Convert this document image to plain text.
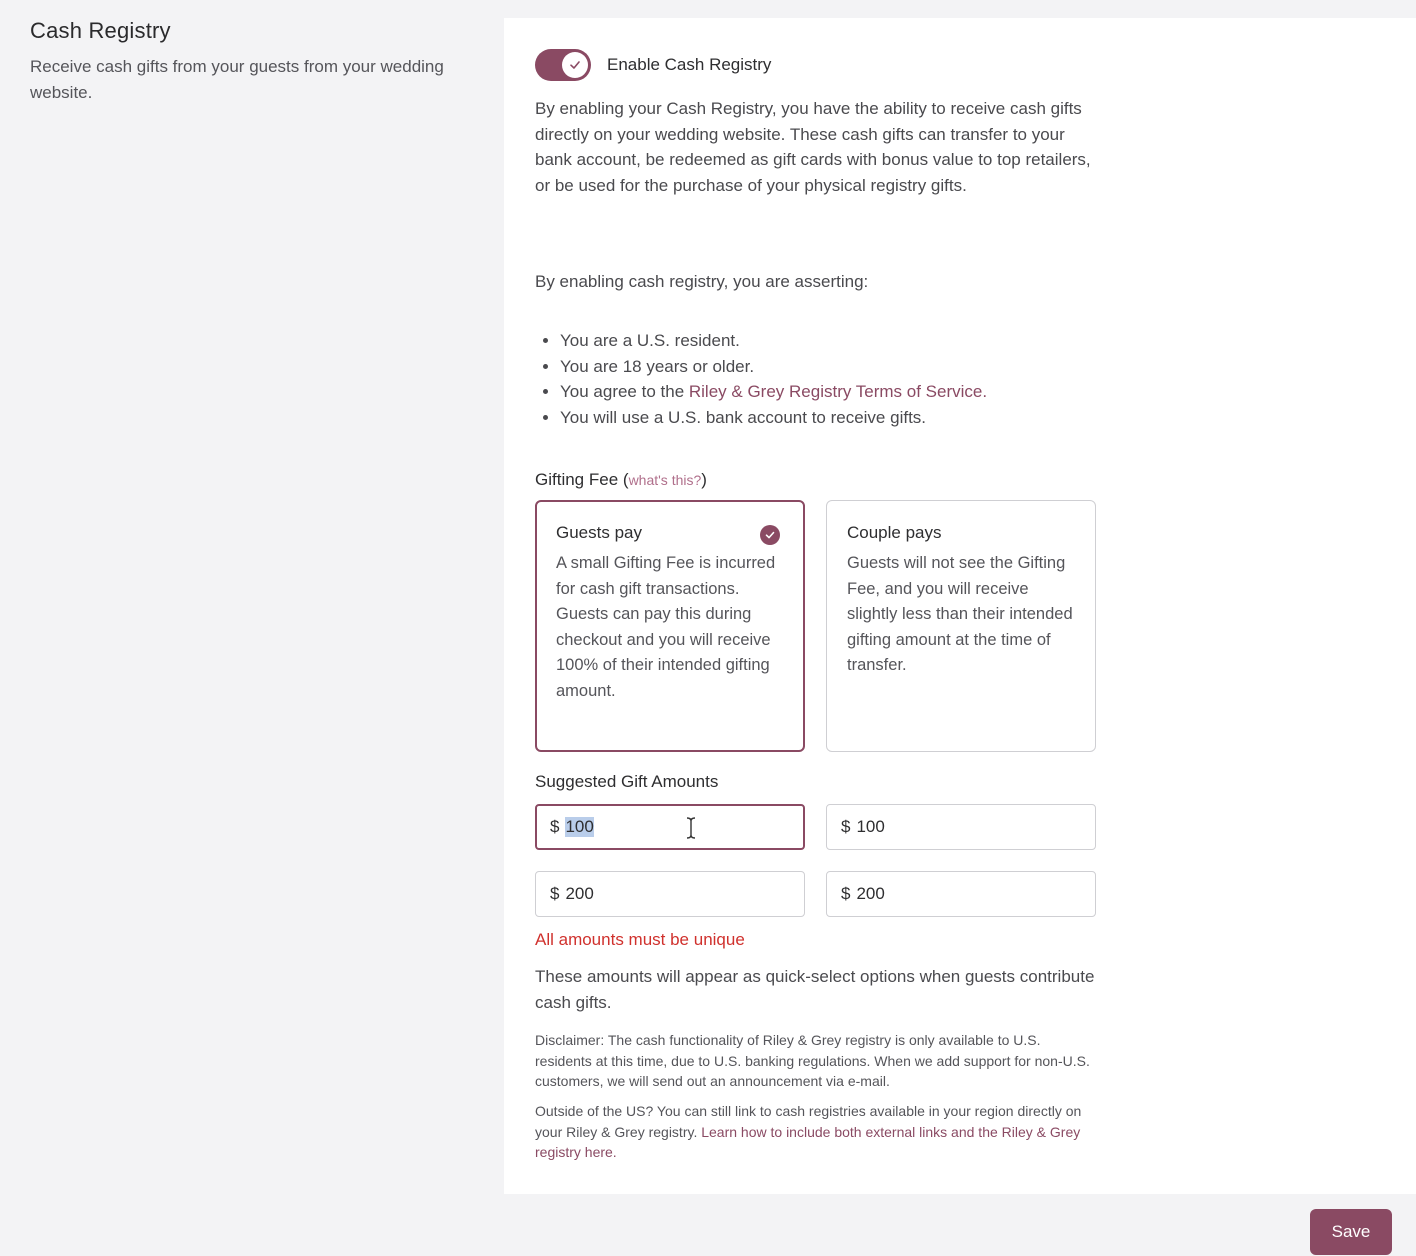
Cash Registry

Receive cash gifts from your guests from your wedding website.

Enable Cash Registry

By enabling your Cash Registry, you have the ability to receive cash gifts directly on your wedding website. These cash gifts can transfer to your bank account, be redeemed as gift cards with bonus value to top retailers, or be used for the purchase of your physical registry gifts.

By enabling cash registry, you are asserting:

• You are a U.S. resident.
• You are 18 years or older.
• You agree to the Riley & Grey Registry Terms of Service.
• You will use a U.S. bank account to receive gifts.
Gifting Fee (what's this?)
Guests pay
A small Gifting Fee is incurred for cash gift transactions. Guests can pay this during checkout and you will receive 100% of their intended gifting amount.
Couple pays
Guests will not see the Gifting Fee, and you will receive slightly less than their intended gifting amount at the time of transfer.
Suggested Gift Amounts
$ 100	$ 100
$ 200	$ 200
All amounts must be unique

These amounts will appear as quick-select options when guests contribute cash gifts.

Disclaimer: The cash functionality of Riley & Grey registry is only available to U.S. residents at this time, due to U.S. banking regulations. When we add support for non-U.S. customers, we will send out an announcement via e-mail.

Outside of the US? You can still link to cash registries available in your region directly on your Riley & Grey registry. Learn how to include both external links and the Riley & Grey registry here.

Save
